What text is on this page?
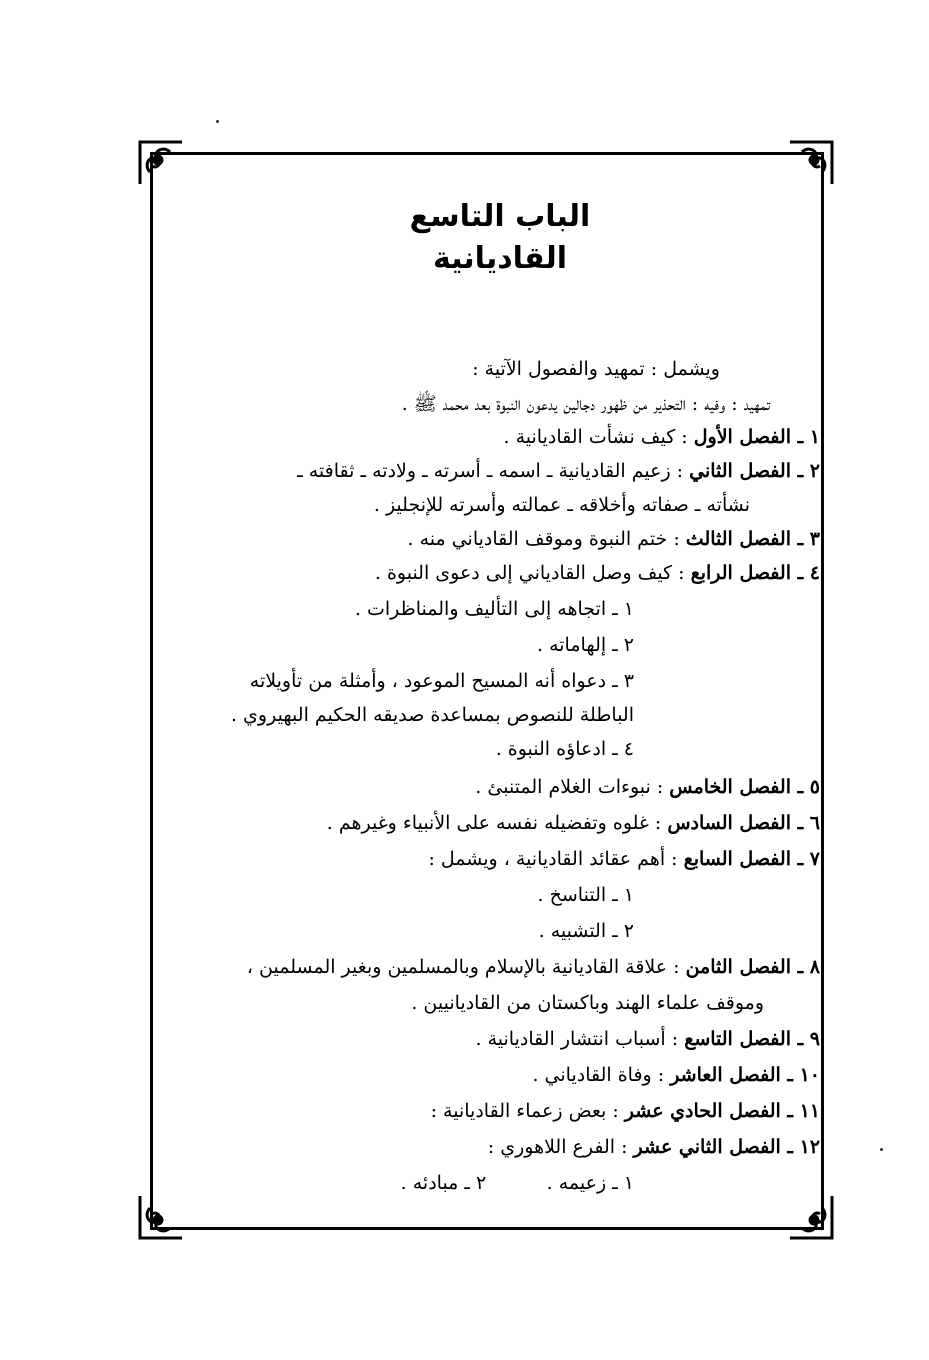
الباب التاسع
القاديانية
ويشمل : تمهيد والفصول الآتية :
تمهيد : وفيه : التحذير من ظهور دجالين يدعون النبوة بعد محمد ﷺ .
١ ـ الفصل الأول : كيف نشأت القاديانية .
٢ ـ الفصل الثاني : زعيم القاديانية ـ اسمه ـ أسرته ـ ولادته ـ ثقافته ـ
نشأته ـ صفاته وأخلاقه ـ عمالته وأسرته للإنجليز .
٣ ـ الفصل الثالث : ختم النبوة وموقف القادياني منه .
٤ ـ الفصل الرابع : كيف وصل القادياني إلى دعوى النبوة .
١ ـ اتجاهه إلى التأليف والمناظرات .
٢ ـ إلهاماته .
٣ ـ دعواه أنه المسيح الموعود ، وأمثلة من تأويلاته
الباطلة للنصوص بمساعدة صديقه الحكيم البهيروي .
٤ ـ ادعاؤه النبوة .
٥ ـ الفصل الخامس : نبوءات الغلام المتنبئ .
٦ ـ الفصل السادس : غلوه وتفضيله نفسه على الأنبياء وغيرهم .
٧ ـ الفصل السابع : أهم عقائد القاديانية ، ويشمل :
١ ـ التناسخ .
٢ ـ التشبيه .
٨ ـ الفصل الثامن : علاقة القاديانية بالإسلام وبالمسلمين وبغير المسلمين ،
وموقف علماء الهند وباكستان من القاديانيين .
٩ ـ الفصل التاسع : أسباب انتشار القاديانية .
١٠ ـ الفصل العاشر : وفاة القادياني .
١١ ـ الفصل الحادي عشر : بعض زعماء القاديانية :
١٢ ـ الفصل الثاني عشر : الفرع اللاهوري :
١ ـ زعيمه .          ٢ ـ مبادئه .
